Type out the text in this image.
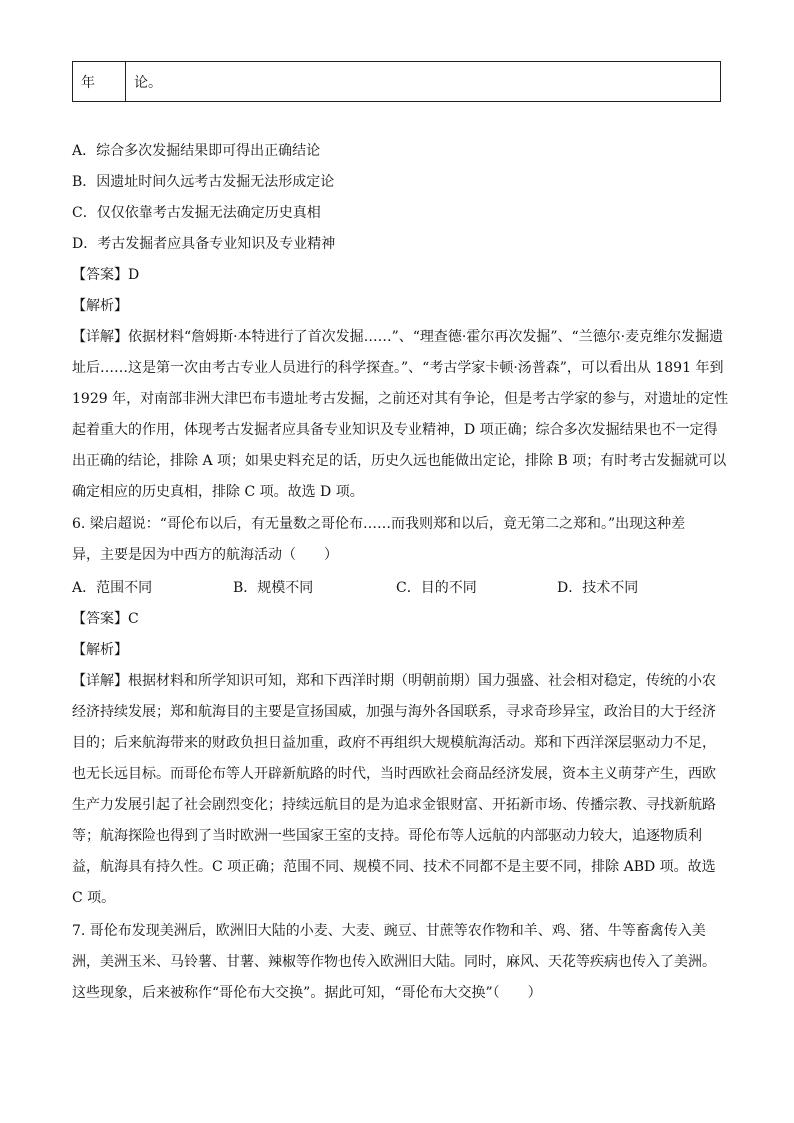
年	论。
A．综合多次发掘结果即可得出正确结论
B．因遗址时间久远考古发掘无法形成定论
C．仅仅依靠考古发掘无法确定历史真相
D．考古发掘者应具备专业知识及专业精神
【答案】D
【解析】
【详解】依据材料“詹姆斯·本特进行了首次发掘……”、“理查德·霍尔再次发掘”、“兰德尔·麦克维尔发掘遗
址后……这是第一次由考古专业人员进行的科学探查。”、“考古学家卡顿·汤普森”，可以看出从 1891 年到
1929 年，对南部非洲大津巴布韦遗址考古发掘，之前还对其有争论，但是考古学家的参与，对遗址的定性
起着重大的作用，体现考古发掘者应具备专业知识及专业精神，D 项正确；综合多次发掘结果也不一定得
出正确的结论，排除 A 项；如果史料充足的话，历史久远也能做出定论，排除 B 项；有时考古发掘就可以
确定相应的历史真相，排除 C 项。故选 D 项。
6. 梁启超说：“哥伦布以后，有无量数之哥伦布……而我则郑和以后，竟无第二之郑和。”出现这种差
异，主要是因为中西方的航海活动（　　）
A．范围不同	B．规模不同	C．目的不同	D．技术不同
【答案】C
【解析】
【详解】根据材料和所学知识可知，郑和下西洋时期（明朝前期）国力强盛、社会相对稳定，传统的小农
经济持续发展；郑和航海目的主要是宣扬国威，加强与海外各国联系，寻求奇珍异宝，政治目的大于经济
目的；后来航海带来的财政负担日益加重，政府不再组织大规模航海活动。郑和下西洋深层驱动力不足，
也无长远目标。而哥伦布等人开辟新航路的时代，当时西欧社会商品经济发展，资本主义萌芽产生，西欧
生产力发展引起了社会剧烈变化；持续远航目的是为追求金银财富、开拓新市场、传播宗教、寻找新航路
等；航海探险也得到了当时欧洲一些国家王室的支持。哥伦布等人远航的内部驱动力较大，追逐物质利
益，航海具有持久性。C 项正确；范围不同、规模不同、技术不同都不是主要不同，排除 ABD 项。故选
C 项。
7. 哥伦布发现美洲后，欧洲旧大陆的小麦、大麦、豌豆、甘蔗等农作物和羊、鸡、猪、牛等畜禽传入美
洲，美洲玉米、马铃薯、甘薯、辣椒等作物也传入欧洲旧大陆。同时，麻风、天花等疾病也传入了美洲。
这些现象，后来被称作“哥伦布大交换”。据此可知，“哥伦布大交换”（　　）
